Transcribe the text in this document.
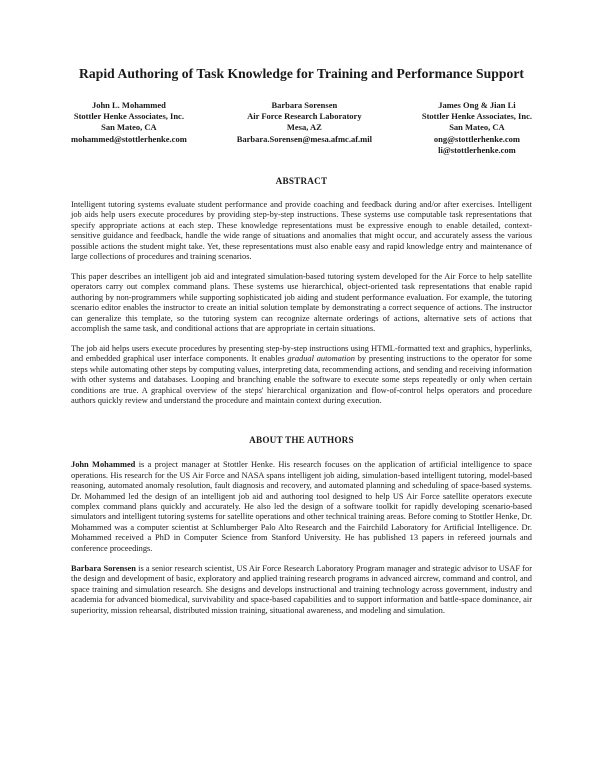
Rapid Authoring of Task Knowledge for Training and Performance Support
John L. Mohammed
Stottler Henke Associates, Inc.
San Mateo, CA
mohammed@stottlerhenke.com
Barbara Sorensen
Air Force Research Laboratory
Mesa, AZ
Barbara.Sorensen@mesa.afmc.af.mil
James Ong & Jian Li
Stottler Henke Associates, Inc.
San Mateo, CA
ong@stottlerhenke.com
li@stottlerhenke.com
ABSTRACT

Intelligent tutoring systems evaluate student performance and provide coaching and feedback during and/or after exercises. Intelligent job aids help users execute procedures by providing step-by-step instructions. These systems use computable task representations that specify appropriate actions at each step. These knowledge representations must be expressive enough to enable detailed, context-sensitive guidance and feedback, handle the wide range of situations and anomalies that might occur, and accurately assess the various possible actions the student might take. Yet, these representations must also enable easy and rapid knowledge entry and maintenance of large collections of procedures and training scenarios.

This paper describes an intelligent job aid and integrated simulation-based tutoring system developed for the Air Force to help satellite operators carry out complex command plans. These systems use hierarchical, object-oriented task representations that enable rapid authoring by non-programmers while supporting sophisticated job aiding and student performance evaluation. For example, the tutoring scenario editor enables the instructor to create an initial solution template by demonstrating a correct sequence of actions. The instructor can generalize this template, so the tutoring system can recognize alternate orderings of actions, alternative sets of actions that accomplish the same task, and conditional actions that are appropriate in certain situations.

The job aid helps users execute procedures by presenting step-by-step instructions using HTML-formatted text and graphics, hyperlinks, and embedded graphical user interface components. It enables gradual automation by presenting instructions to the operator for some steps while automating other steps by computing values, interpreting data, recommending actions, and sending and receiving information with other systems and databases. Looping and branching enable the software to execute some steps repeatedly or only when certain conditions are true. A graphical overview of the steps' hierarchical organization and flow-of-control helps operators and procedure authors quickly review and understand the procedure and maintain context during execution.

ABOUT THE AUTHORS

John Mohammed is a project manager at Stottler Henke. His research focuses on the application of artificial intelligence to space operations. His research for the US Air Force and NASA spans intelligent job aiding, simulation-based intelligent tutoring, model-based reasoning, automated anomaly resolution, fault diagnosis and recovery, and automated planning and scheduling of space-based systems. Dr. Mohammed led the design of an intelligent job aid and authoring tool designed to help US Air Force satellite operators execute complex command plans quickly and accurately. He also led the design of a software toolkit for rapidly developing scenario-based simulators and intelligent tutoring systems for satellite operations and other technical training areas. Before coming to Stottler Henke, Dr. Mohammed was a computer scientist at Schlumberger Palo Alto Research and the Fairchild Laboratory for Artificial Intelligence. Dr. Mohammed received a PhD in Computer Science from Stanford University. He has published 13 papers in refereed journals and conference proceedings.

Barbara Sorensen is a senior research scientist, US Air Force Research Laboratory Program manager and strategic advisor to USAF for the design and development of basic, exploratory and applied training research programs in advanced aircrew, command and control, and space training and simulation research. She designs and develops instructional and training technology across government, industry and academia for advanced biomedical, survivability and space-based capabilities and to support information and battle-space dominance, air superiority, mission rehearsal, distributed mission training, situational awareness, and modeling and simulation.
